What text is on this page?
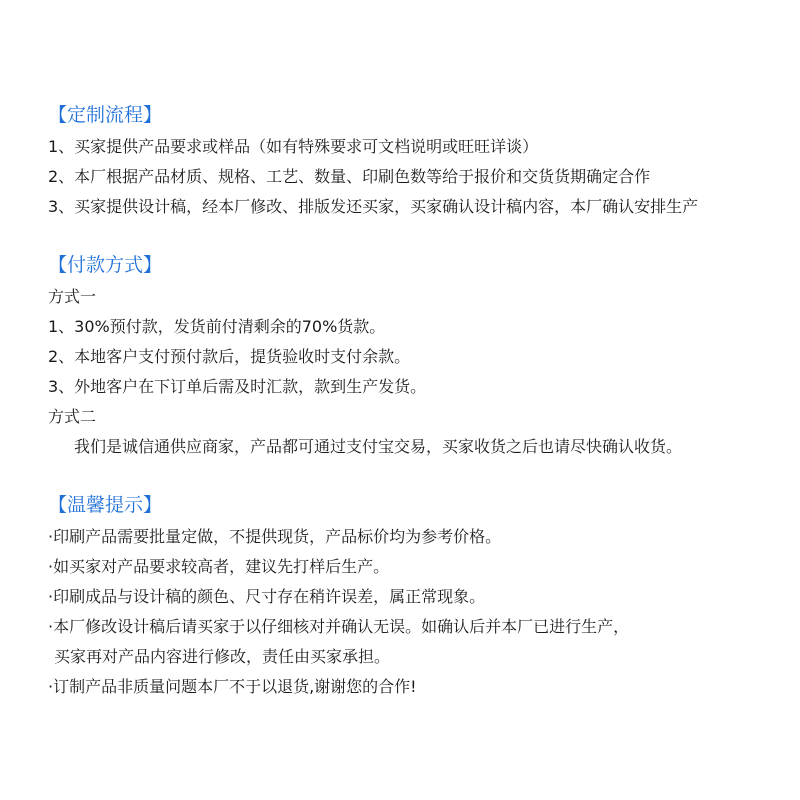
【定制流程】
1、买家提供产品要求或样品（如有特殊要求可文档说明或旺旺详谈）
2、本厂根据产品材质、规格、工艺、数量、印刷色数等给于报价和交货货期确定合作
3、买家提供设计稿，经本厂修改、排版发还买家，买家确认设计稿内容，本厂确认安排生产
【付款方式】
方式一
1、30%预付款，发货前付清剩余的70%货款。
2、本地客户支付预付款后，提货验收时支付余款。
3、外地客户在下订单后需及时汇款，款到生产发货。
方式二
我们是诚信通供应商家，产品都可通过支付宝交易，买家收货之后也请尽快确认收货。
【温馨提示】
·印刷产品需要批量定做，不提供现货，产品标价均为参考价格。
·如买家对产品要求较高者，建议先打样后生产。
·印刷成品与设计稿的颜色、尺寸存在稍许误差，属正常现象。
·本厂修改设计稿后请买家于以仔细核对并确认无误。如确认后并本厂已进行生产，
买家再对产品内容进行修改，责任由买家承担。
·订制产品非质量问题本厂不于以退货,谢谢您的合作!
